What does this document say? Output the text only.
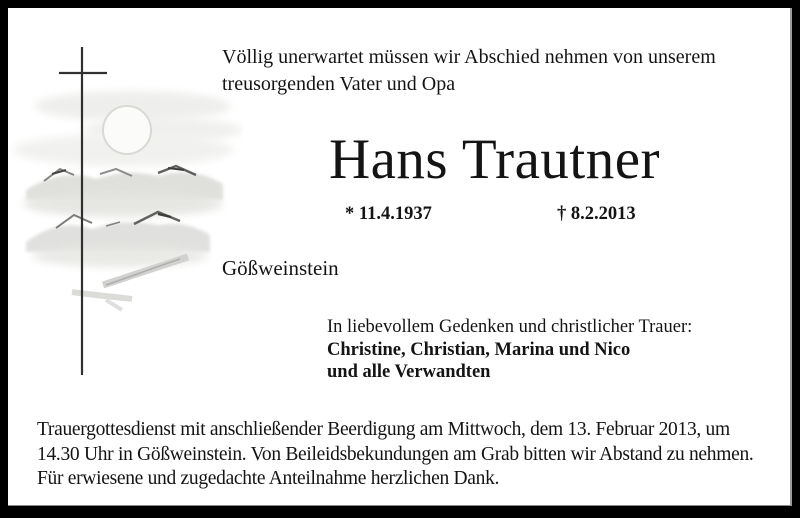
Völlig unerwartet müssen wir Abschied nehmen von unserem
treusorgenden Vater und Opa
Hans Trautner
* 11.4.1937	† 8.2.2013
Gößweinstein
In liebevollem Gedenken und christlicher Trauer:
Christine, Christian, Marina und Nico
und alle Verwandten
Trauergottesdienst mit anschließender Beerdigung am Mittwoch, dem 13. Februar 2013, um
14.30 Uhr in Gößweinstein. Von Beileidsbekundungen am Grab bitten wir Abstand zu nehmen.
Für erwiesene und zugedachte Anteilnahme herzlichen Dank.
